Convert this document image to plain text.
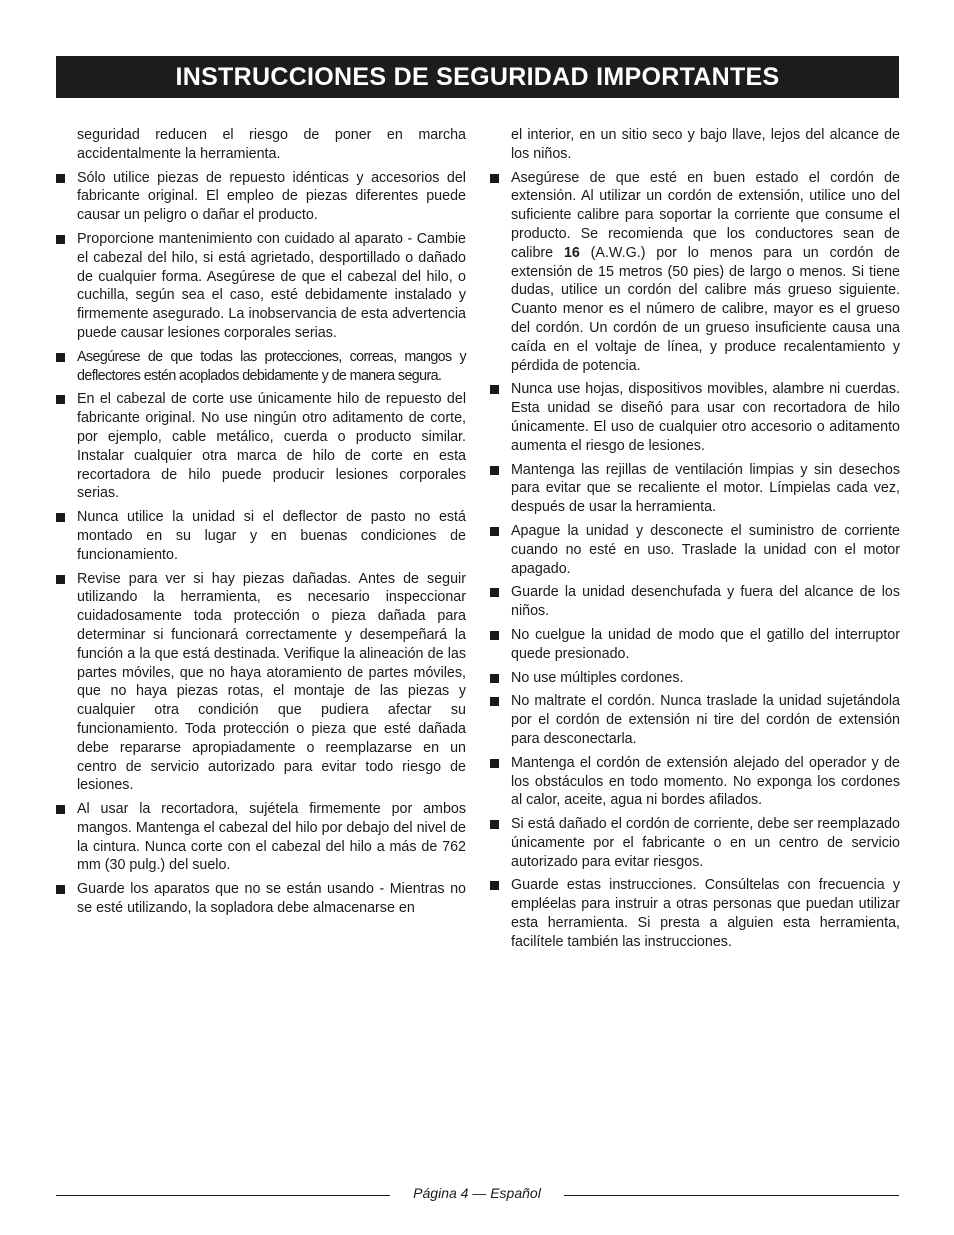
INSTRUCCIONES DE SEGURIDAD IMPORTANTES

seguridad reducen el riesgo de poner en marcha accidentalmente la herramienta.

Sólo utilice piezas de repuesto idénticas y accesorios del fabricante original. El empleo de piezas diferentes puede causar un peligro o dañar el producto.

Proporcione mantenimiento con cuidado al aparato - Cambie el cabezal del hilo, si está agrietado, desportillado o dañado de cualquier forma. Asegúrese de que el cabezal del hilo, o cuchilla, según sea el caso, esté debidamente instalado y firmemente asegurado. La inobservancia de esta advertencia puede causar lesiones corporales serias.

Asegúrese de que todas las protecciones, correas, mangos y deflectores estén acoplados debidamente y de manera segura.

En el cabezal de corte use únicamente hilo de repuesto del fabricante original. No use ningún otro aditamento de corte, por ejemplo, cable metálico, cuerda o producto similar. Instalar cualquier otra marca de hilo de corte en esta recortadora de hilo puede producir lesiones corporales serias.

Nunca utilice la unidad si el deflector de pasto no está montado en su lugar y en buenas condiciones de funcionamiento.

Revise para ver si hay piezas dañadas. Antes de seguir utilizando la herramienta, es necesario inspeccionar cuidadosamente toda protección o pieza dañada para determinar si funcionará correctamente y desempeñará la función a la que está destinada. Verifique la alineación de las partes móviles, que no haya atoramiento de partes móviles, que no haya piezas rotas, el montaje de las piezas y cualquier otra condición que pudiera afectar su funcionamiento. Toda protección o pieza que esté dañada debe repararse apropiadamente o reemplazarse en un centro de servicio autorizado para evitar todo riesgo de lesiones.

Al usar la recortadora, sujétela firmemente por ambos mangos. Mantenga el cabezal del hilo por debajo del nivel de la cintura. Nunca corte con el cabezal del hilo a más de 762 mm (30 pulg.) del suelo.

Guarde los aparatos que no se están usando - Mientras no se esté utilizando, la sopladora debe almacenarse en

el interior, en un sitio seco y bajo llave, lejos del alcance de los niños.

Asegúrese de que esté en buen estado el cordón de extensión. Al utilizar un cordón de extensión, utilice uno del suficiente calibre para soportar la corriente que consume el producto. Se recomienda que los conductores sean de calibre 16 (A.W.G.) por lo menos para un cordón de extensión de 15 metros (50 pies) de largo o menos. Si tiene dudas, utilice un cordón del calibre más grueso siguiente. Cuanto menor es el número de calibre, mayor es el grueso del cordón. Un cordón de un grueso insuficiente causa una caída en el voltaje de línea, y produce recalentamiento y pérdida de potencia.

Nunca use hojas, dispositivos movibles, alambre ni cuerdas. Esta unidad se diseñó para usar con recortadora de hilo únicamente. El uso de cualquier otro accesorio o aditamento aumenta el riesgo de lesiones.

Mantenga las rejillas de ventilación limpias y sin desechos para evitar que se recaliente el motor. Límpielas cada vez, después de usar la herramienta.

Apague la unidad y desconecte el suministro de corriente cuando no esté en uso. Traslade la unidad con el motor apagado.

Guarde la unidad desenchufada y fuera del alcance de los niños.

No cuelgue la unidad de modo que el gatillo del interruptor quede presionado.

No use múltiples cordones.

No maltrate el cordón. Nunca traslade la unidad sujetándola por el cordón de extensión ni tire del cordón de extensión para desconectarla.

Mantenga el cordón de extensión alejado del operador y de los obstáculos en todo momento. No exponga los cordones al calor, aceite, agua ni bordes afilados.

Si está dañado el cordón de corriente, debe ser reemplazado únicamente por el fabricante o en un centro de servicio autorizado para evitar riesgos.

Guarde estas instrucciones. Consúltelas con frecuencia y empléelas para instruir a otras personas que puedan utilizar esta herramienta. Si presta a alguien esta herramienta, facilítele también las instrucciones.

Página 4 — Español
